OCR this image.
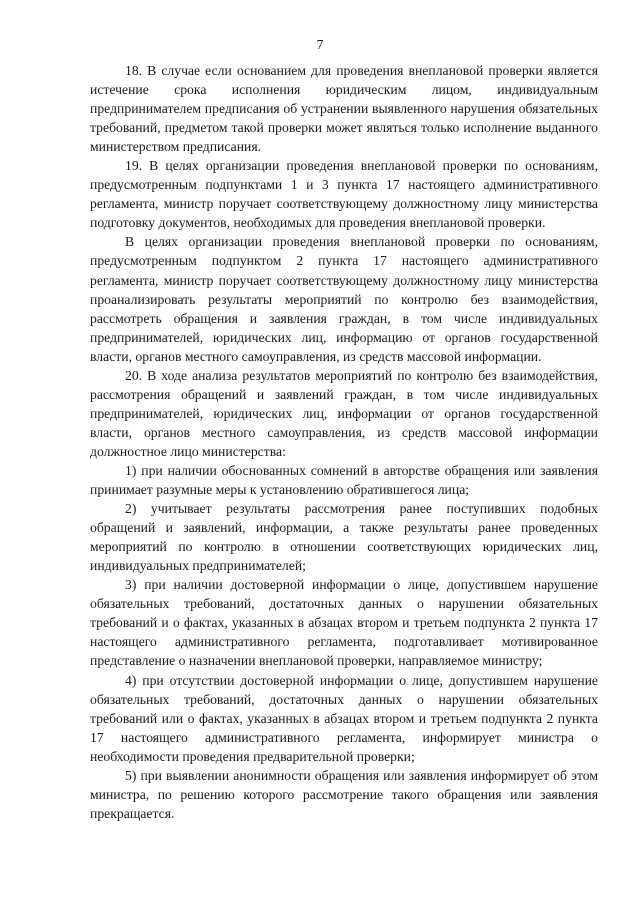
7

18. В случае если основанием для проведения внеплановой проверки является истечение срока исполнения юридическим лицом, индивидуальным предпринимателем предписания об устранении выявленного нарушения обязательных требований, предметом такой проверки может являться только исполнение выданного министерством предписания.

19. В целях организации проведения внеплановой проверки по основаниям, предусмотренным подпунктами 1 и 3 пункта 17 настоящего административного регламента, министр поручает соответствующему должностному лицу министерства подготовку документов, необходимых для проведения внеплановой проверки.

В целях организации проведения внеплановой проверки по основаниям, предусмотренным подпунктом 2 пункта 17 настоящего административного регламента, министр поручает соответствующему должностному лицу министерства проанализировать результаты мероприятий по контролю без взаимодействия, рассмотреть обращения и заявления граждан, в том числе индивидуальных предпринимателей, юридических лиц, информацию от органов государственной власти, органов местного самоуправления, из средств массовой информации.

20. В ходе анализа результатов мероприятий по контролю без взаимодействия, рассмотрения обращений и заявлений граждан, в том числе индивидуальных предпринимателей, юридических лиц, информации от органов государственной власти, органов местного самоуправления, из средств массовой информации должностное лицо министерства:

1) при наличии обоснованных сомнений в авторстве обращения или заявления принимает разумные меры к установлению обратившегося лица;

2) учитывает результаты рассмотрения ранее поступивших подобных обращений и заявлений, информации, а также результаты ранее проведенных мероприятий по контролю в отношении соответствующих юридических лиц, индивидуальных предпринимателей;

3) при наличии достоверной информации о лице, допустившем нарушение обязательных требований, достаточных данных о нарушении обязательных требований и о фактах, указанных в абзацах втором и третьем подпункта 2 пункта 17 настоящего административного регламента, подготавливает мотивированное представление о назначении внеплановой проверки, направляемое министру;

4) при отсутствии достоверной информации о лице, допустившем нарушение обязательных требований, достаточных данных о нарушении обязательных требований или о фактах, указанных в абзацах втором и третьем подпункта 2 пункта 17 настоящего административного регламента, информирует министра о необходимости проведения предварительной проверки;

5) при выявлении анонимности обращения или заявления информирует об этом министра, по решению которого рассмотрение такого обращения или заявления прекращается.
